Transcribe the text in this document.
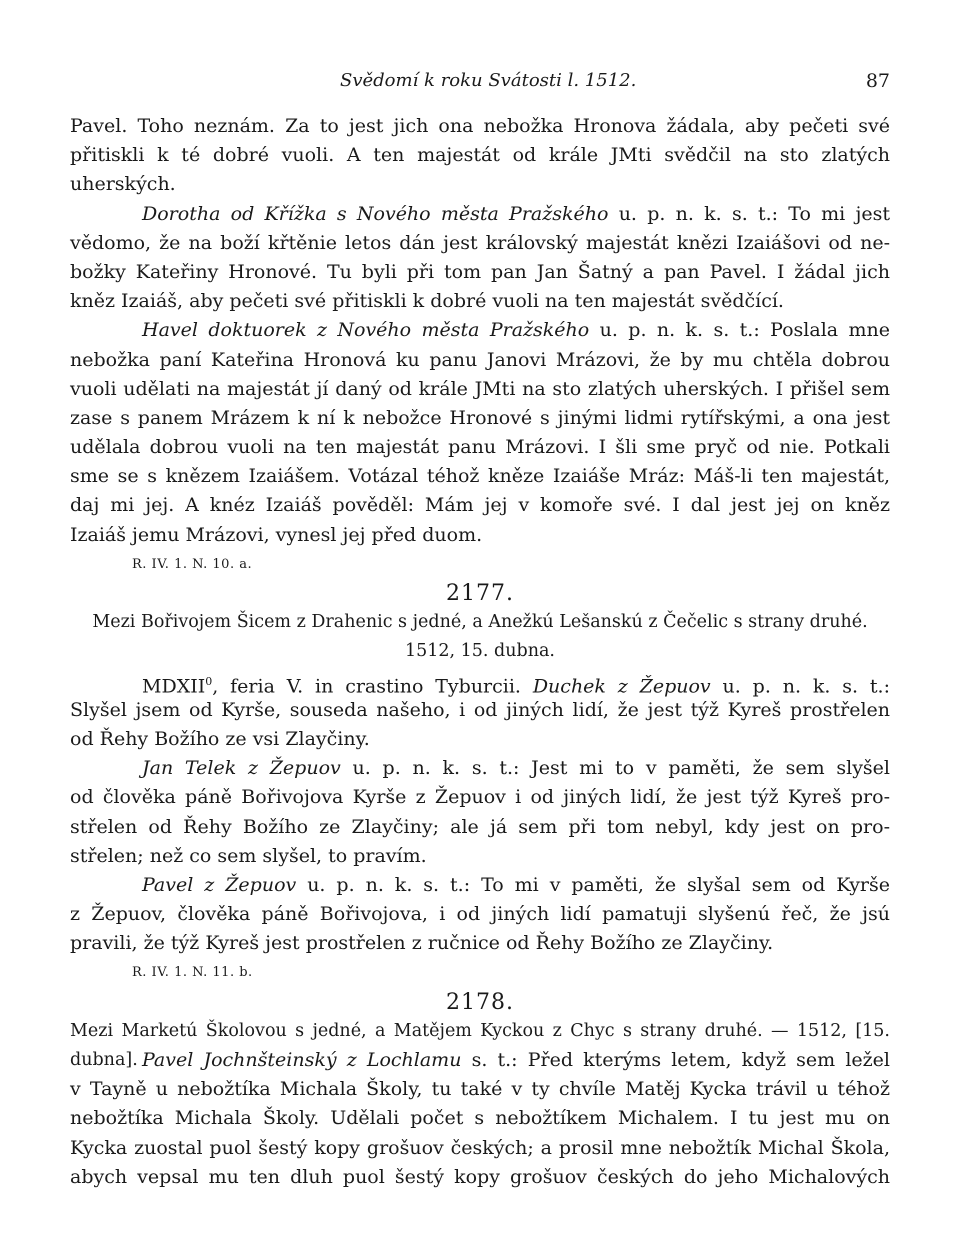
Svědomí k roku Svátosti l. 1512.	87
Pavel. Toho neznám. Za to jest jich ona nebožka Hronova žádala, aby pečeti své
přitiskli k té dobré vuoli. A ten majestát od krále JMti svědčil na sto zlatých
uherských.
Dorotha od Křížka s Nového města Pražského u. p. n. k. s. t.: To mi jest
vědomo, že na boží křtěnie letos dán jest královský majestát knězi Izaiášovi od ne-
božky Kateřiny Hronové. Tu byli při tom pan Jan Šatný a pan Pavel. I žádal jich
kněz Izaiáš, aby pečeti své přitiskli k dobré vuoli na ten majestát svědčící.
Havel doktuorek z Nového města Pražského u. p. n. k. s. t.: Poslala mne
nebožka paní Kateřina Hronová ku panu Janovi Mrázovi, že by mu chtěla dobrou
vuoli udělati na majestát jí daný od krále JMti na sto zlatých uherských. I přišel sem
zase s panem Mrázem k ní k nebožce Hronové s jinými lidmi rytířskými, a ona jest
udělala dobrou vuoli na ten majestát panu Mrázovi. I šli sme pryč od nie. Potkali
sme se s knězem Izaiášem. Votázal téhož kněze Izaiáše Mráz: Máš-li ten majestát,
daj mi jej. A knéz Izaiáš pověděl: Mám jej v komoře své. I dal jest jej on kněz
Izaiáš jemu Mrázovi, vynesl jej před duom.
R. IV. 1. N. 10. a.
2177.
Mezi Bořivojem Šicem z Drahenic s jedné, a Anežkú Lešanskú z Čečelic s strany druhé.
1512, 15. dubna.
MDXII$^0$, feria V. in crastino Tyburcii. Duchek z Žepuov u. p. n. k. s. t.:
Slyšel jsem od Kyrše, souseda našeho, i od jiných lidí, že jest týž Kyreš prostřelen
od Řehy Božího ze vsi Zlayčiny.
Jan Telek z Žepuov u. p. n. k. s. t.: Jest mi to v paměti, že sem slyšel
od člověka páně Bořivojova Kyrše z Žepuov i od jiných lidí, že jest týž Kyreš pro-
střelen od Řehy Božího ze Zlayčiny; ale já sem při tom nebyl, kdy jest on pro-
střelen; než co sem slyšel, to pravím.
Pavel z Žepuov u. p. n. k. s. t.: To mi v paměti, že slyšal sem od Kyrše
z Žepuov, člověka páně Bořivojova, i od jiných lidí pamatuji slyšenú řeč, že jsú
pravili, že týž Kyreš jest prostřelen z ručnice od Řehy Božího ze Zlayčiny.
R. IV. 1. N. 11. b.
2178.
Mezi Marketú Školovou s jedné, a Matějem Kyckou z Chyc s strany druhé. — 1512, [15. dubna]. Pavel Jochnšteinský z Lochlamu s. t.: Před kterýms letem, když sem ležel
v Tayně u nebožtíka Michala Školy, tu také v ty chvíle Matěj Kycka trávil u téhož
nebožtíka Michala Školy. Udělali počet s nebožtíkem Michalem. I tu jest mu on
Kycka zuostal puol šestý kopy grošuov českých; a prosil mne nebožtík Michal Škola,
abych vepsal mu ten dluh puol šestý kopy grošuov českých do jeho Michalových
